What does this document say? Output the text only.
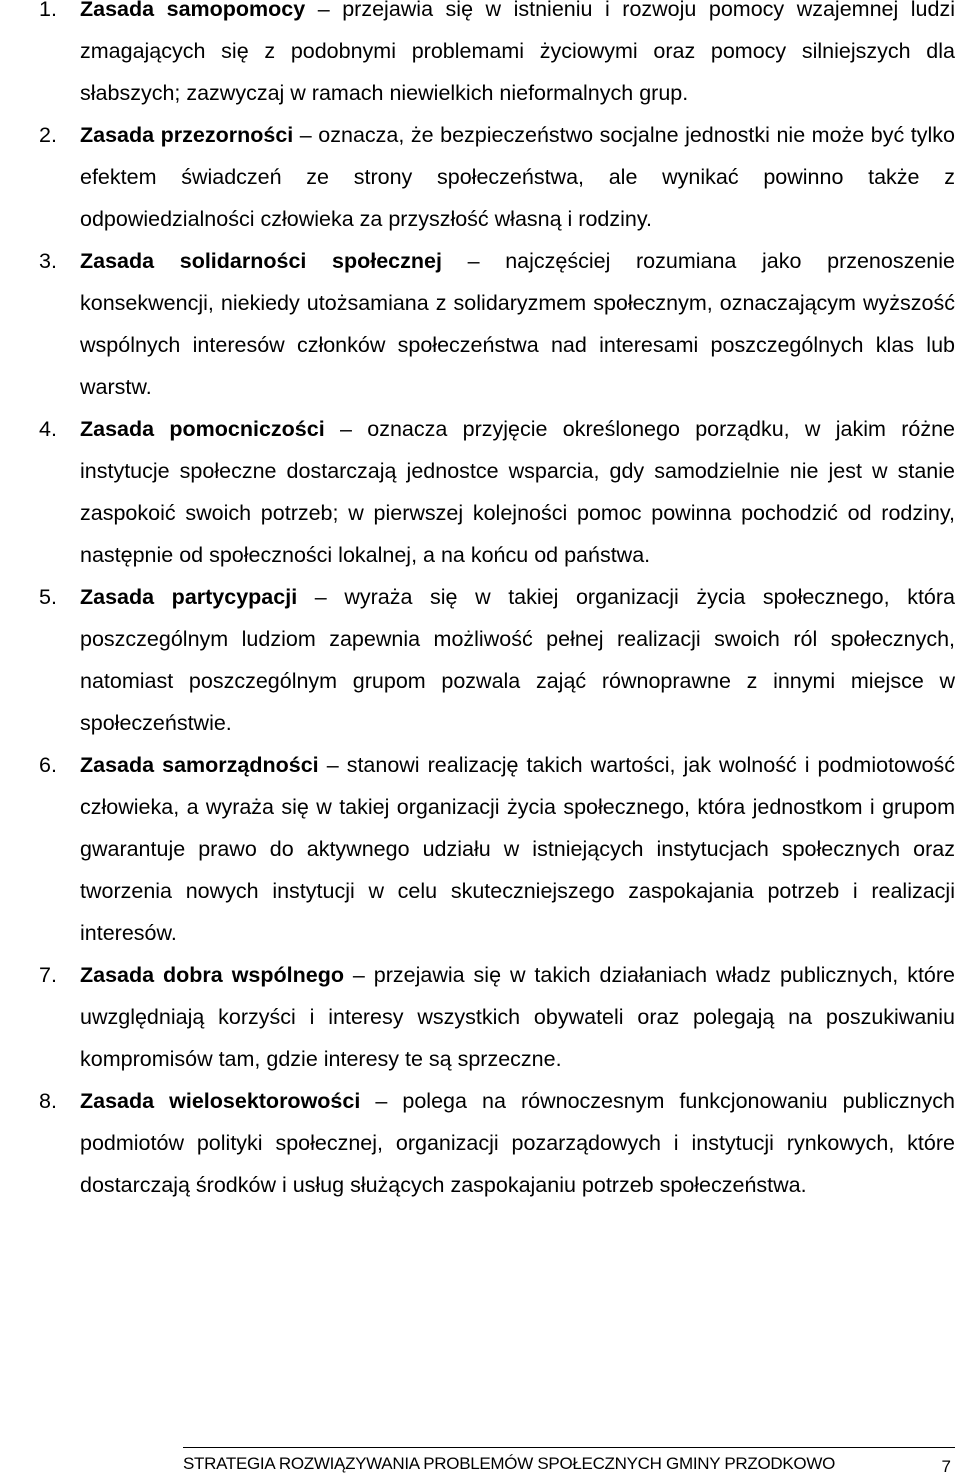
1. Zasada samopomocy – przejawia się w istnieniu i rozwoju pomocy wzajemnej ludzi zmagających się z podobnymi problemami życiowymi oraz pomocy silniejszych dla słabszych; zazwyczaj w ramach niewielkich nieformalnych grup.
2. Zasada przezorności – oznacza, że bezpieczeństwo socjalne jednostki nie może być tylko efektem świadczeń ze strony społeczeństwa, ale wynikać powinno także z odpowiedzialności człowieka za przyszłość własną i rodziny.
3. Zasada solidarności społecznej – najczęściej rozumiana jako przenoszenie konsekwencji, niekiedy utożsamiana z solidaryzmem społecznym, oznaczającym wyższość wspólnych interesów członków społeczeństwa nad interesami poszczególnych klas lub warstw.
4. Zasada pomocniczości – oznacza przyjęcie określonego porządku, w jakim różne instytucje społeczne dostarczają jednostce wsparcia, gdy samodzielnie nie jest w stanie zaspokoić swoich potrzeb; w pierwszej kolejności pomoc powinna pochodzić od rodziny, następnie od społeczności lokalnej, a na końcu od państwa.
5. Zasada partycypacji – wyraża się w takiej organizacji życia społecznego, która poszczególnym ludziom zapewnia możliwość pełnej realizacji swoich ról społecznych, natomiast poszczególnym grupom pozwala zająć równoprawne z innymi miejsce w społeczeństwie.
6. Zasada samorządności – stanowi realizację takich wartości, jak wolność i podmiotowość człowieka, a wyraża się w takiej organizacji życia społecznego, która jednostkom i grupom gwarantuje prawo do aktywnego udziału w istniejących instytucjach społecznych oraz tworzenia nowych instytucji w celu skuteczniejszego zaspokajania potrzeb i realizacji interesów.
7. Zasada dobra wspólnego – przejawia się w takich działaniach władz publicznych, które uwzględniają korzyści i interesy wszystkich obywateli oraz polegają na poszukiwaniu kompromisów tam, gdzie interesy te są sprzeczne.
8. Zasada wielosektorowości – polega na równoczesnym funkcjonowaniu publicznych podmiotów polityki społecznej, organizacji pozarządowych i instytucji rynkowych, które dostarczają środków i usług służących zaspokajaniu potrzeb społeczeństwa.
STRATEGIA ROZWIĄZYWANIA PROBLEMÓW SPOŁECZNYCH GMINY PRZODKOWO	7
